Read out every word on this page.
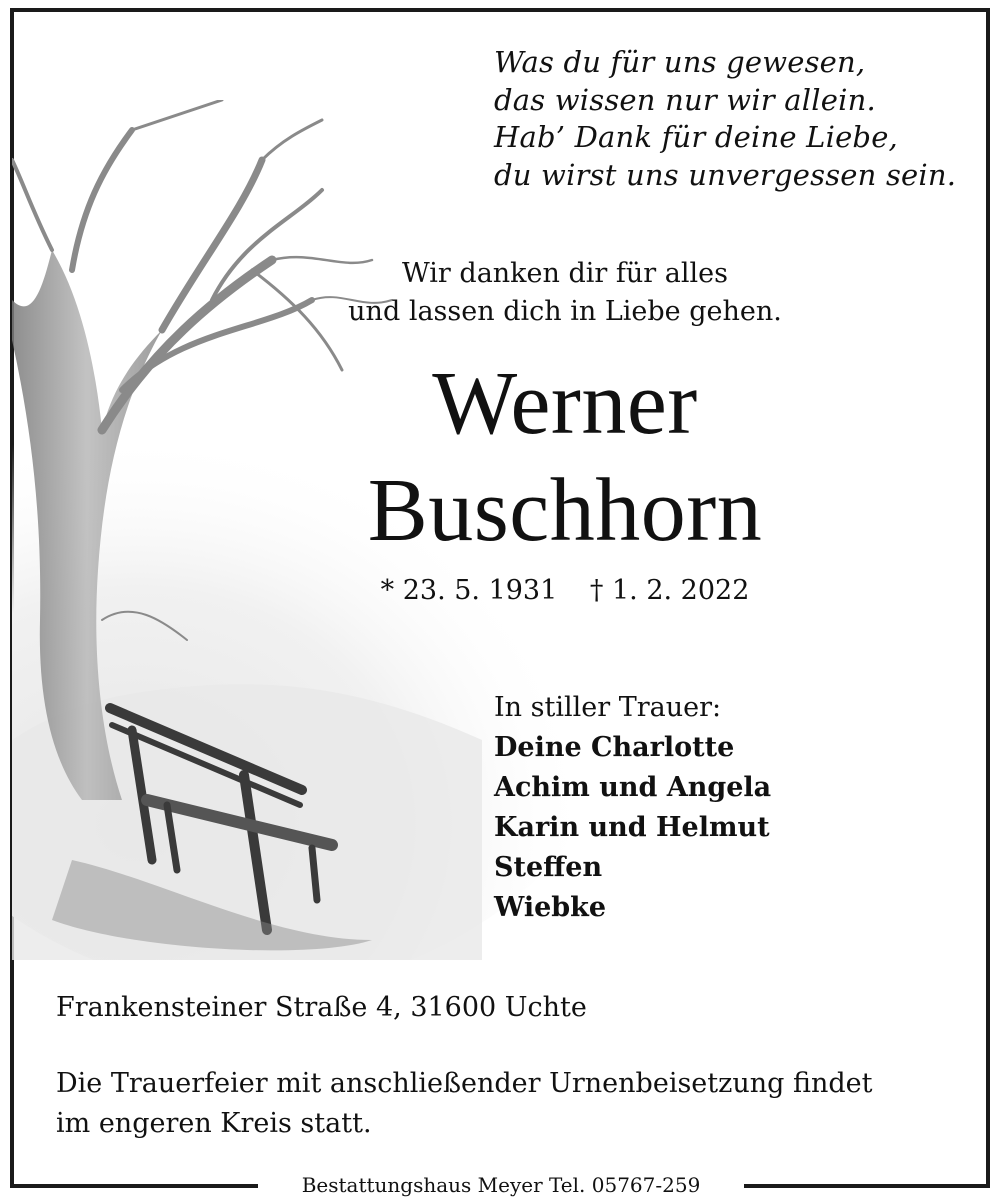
Was du für uns gewesen,
das wissen nur wir allein.
Hab’ Dank für deine Liebe,
du wirst uns unvergessen sein.
Wir danken dir für alles
und lassen dich in Liebe gehen.
Werner
Buschhorn
* 23. 5. 1931 † 1. 2. 2022
In stiller Trauer:
Deine Charlotte
Achim und Angela
Karin und Helmut
Steffen
Wiebke
Frankensteiner Straße 4, 31600 Uchte
Die Trauerfeier mit anschließender Urnenbeisetzung findet
im engeren Kreis statt.
Bestattungshaus Meyer Tel. 05767-259
